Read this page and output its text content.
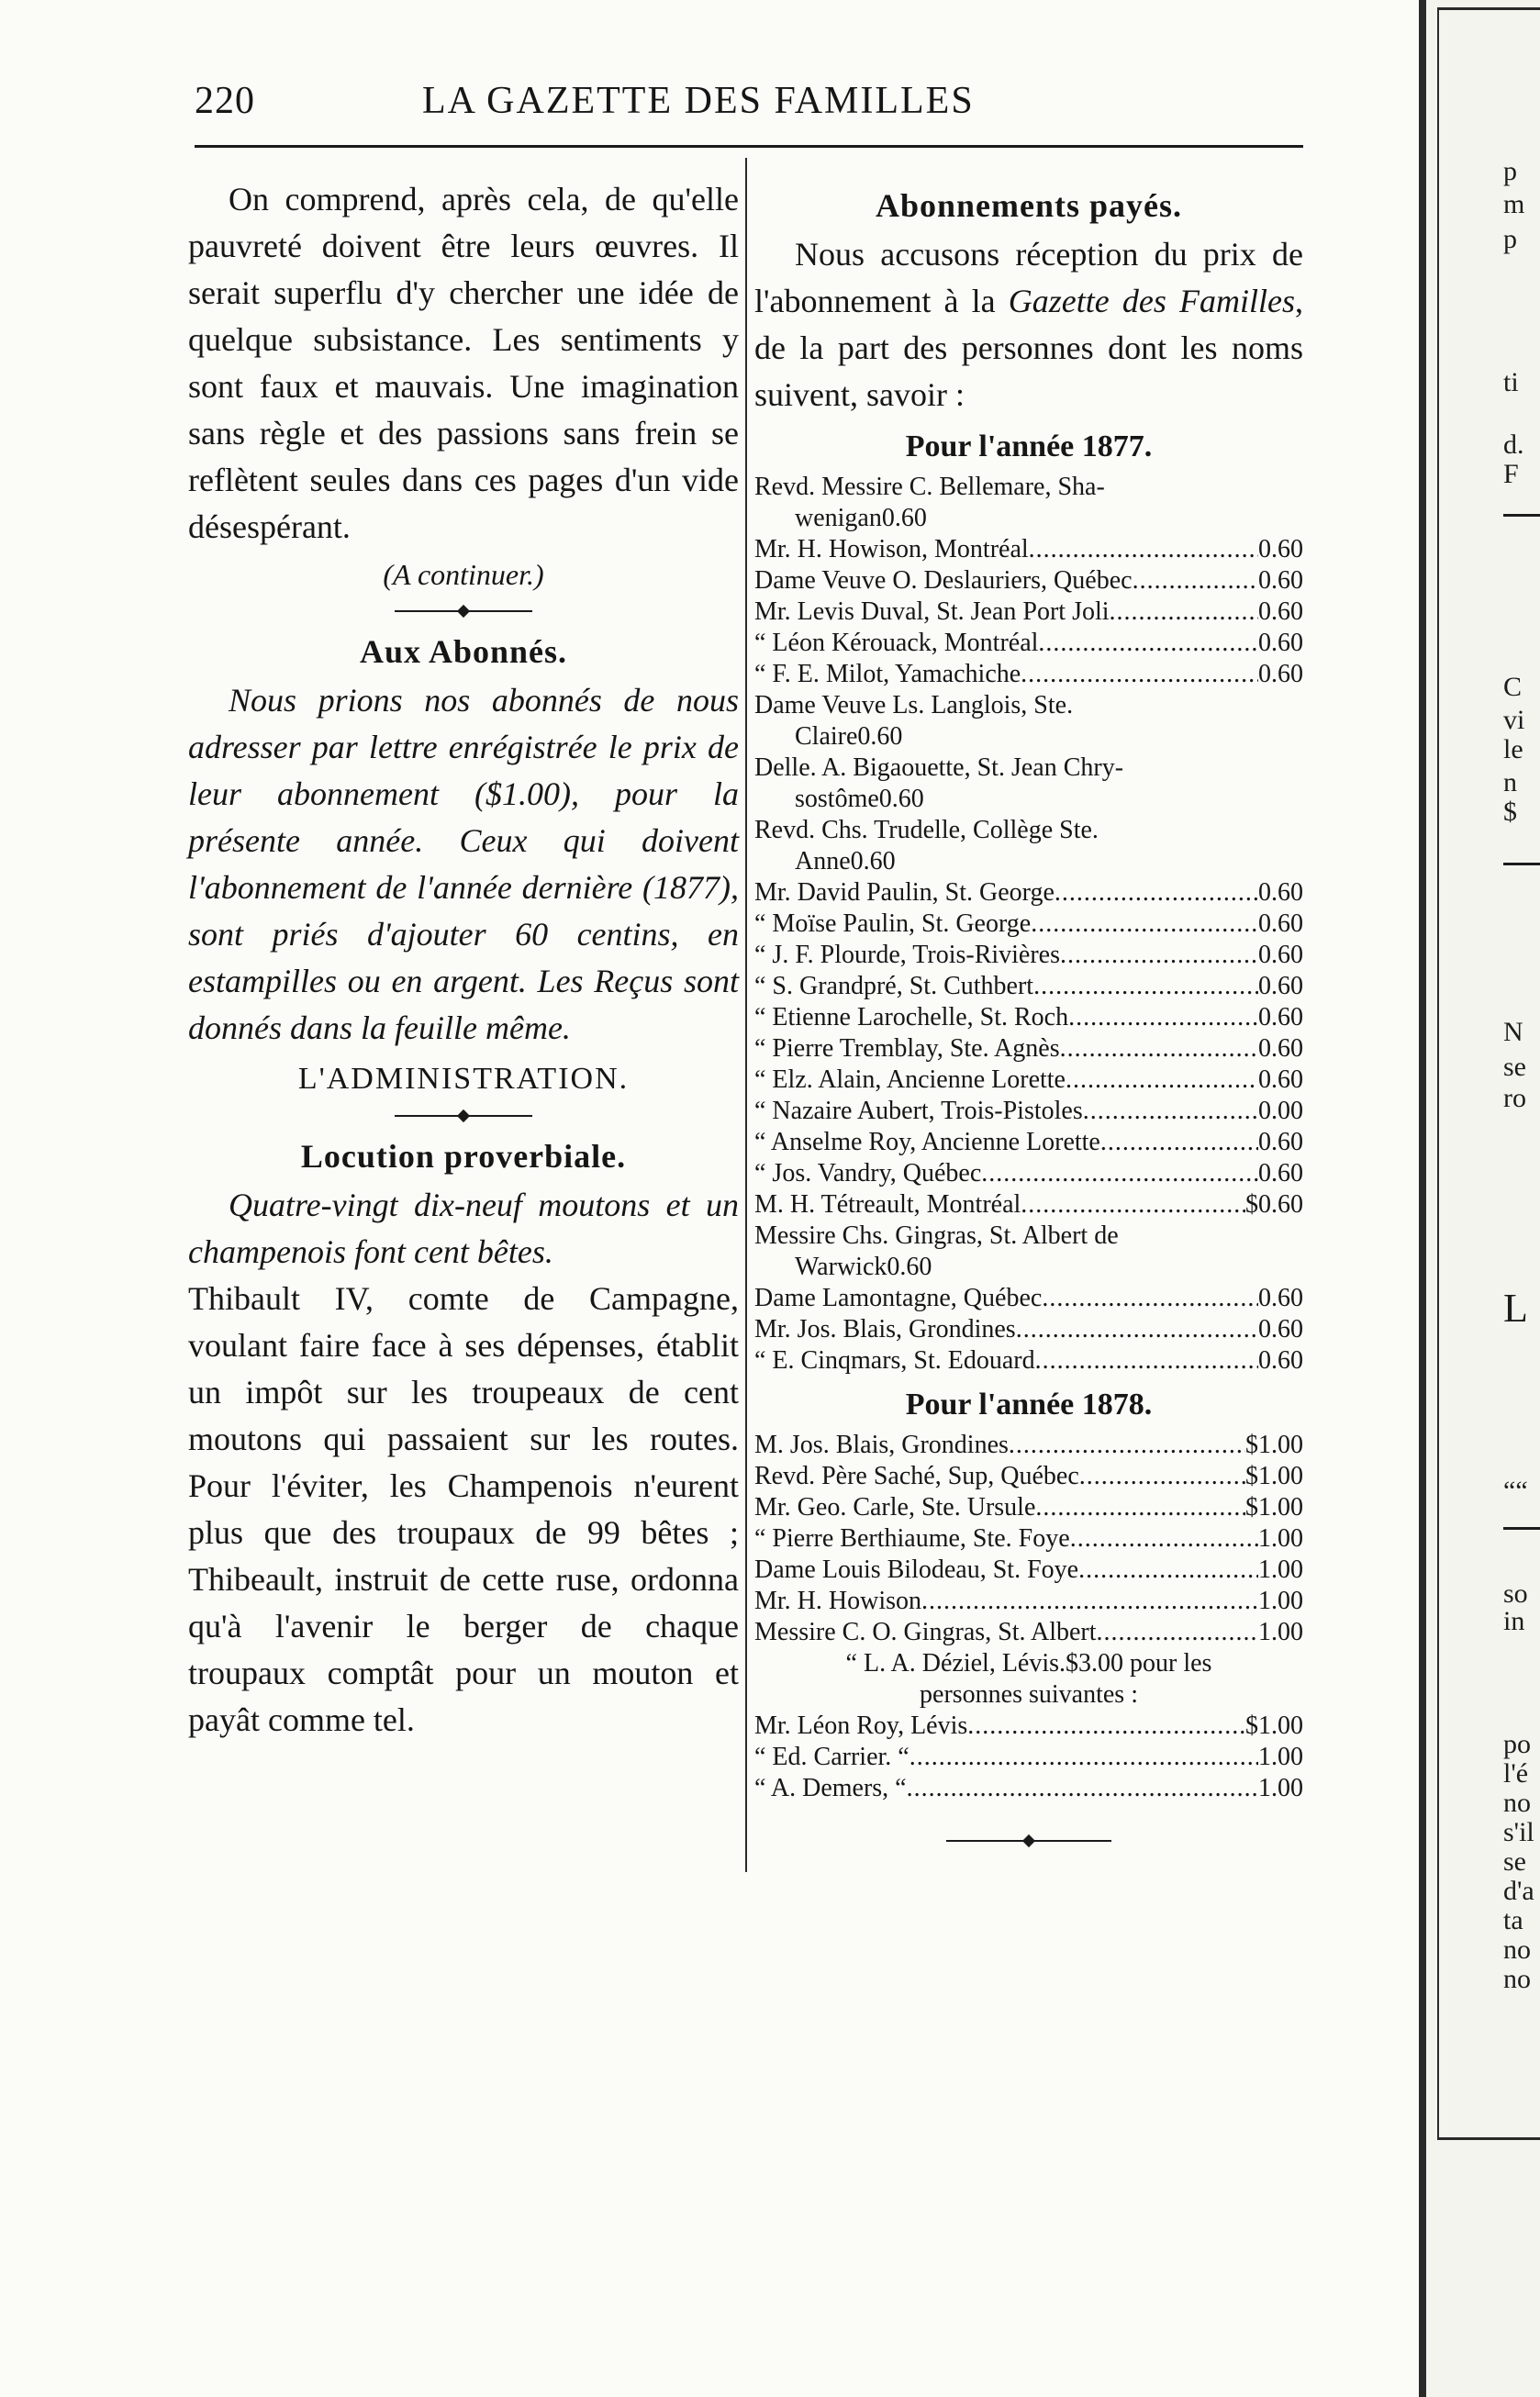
220	LA GAZETTE DES FAMILLES

On comprend, après cela, de qu'elle pauvreté doivent être leurs œuvres. Il serait superflu d'y chercher une idée de quelque subsistance. Les sentiments y sont faux et mauvais. Une imagination sans règle et des passions sans frein se reflètent seules dans ces pages d'un vide désespérant.

(A continuer.)

Aux Abonnés.

Nous prions nos abonnés de nous adresser par lettre enrégistrée le prix de leur abonnement ($1.00), pour la présente année. Ceux qui doivent l'abonnement de l'année dernière (1877), sont priés d'ajouter 60 centins, en estampilles ou en argent. Les Reçus sont donnés dans la feuille même.

L'ADMINISTRATION.

Locution proverbiale.

Quatre-vingt dix-neuf moutons et un champenois font cent bêtes.

Thibault IV, comte de Campagne, voulant faire face à ses dépenses, établit un impôt sur les troupeaux de cent moutons qui passaient sur les routes. Pour l'éviter, les Champenois n'eurent plus que des troupaux de 99 bêtes ; Thibeault, instruit de cette ruse, ordonna qu'à l'avenir le berger de chaque troupaux comptât pour un mouton et payât comme tel.

Abonnements payés.

Nous accusons réception du prix de l'abonnement à la Gazette des Familles, de la part des personnes dont les noms suivent, savoir :

Pour l'année 1877.

Revd. Messire C. Bellemare, Sha-
wenigan 0.60
Mr. H. Howison, Montréal .....	0.60
Dame Veuve O. Deslauriers, Québec .....	0.60
Mr. Levis Duval, St. Jean Port Joli .....	0.60
“ Léon Kérouack, Montréal .....	0.60
“ F. E. Milot, Yamachiche .....	0.60
Dame Veuve Ls. Langlois, Ste.
Claire 0.60
Delle. A. Bigaouette, St. Jean Chry-
sostôme 0.60
Revd. Chs. Trudelle, Collège Ste.
Anne 0.60
Mr. David Paulin, St. George .....	0.60
“ Moïse Paulin, St. George .....	0.60
“ J. F. Plourde, Trois-Rivières .....	0.60
“ S. Grandpré, St. Cuthbert .....	0.60
“ Etienne Larochelle, St. Roch .....	0.60
“ Pierre Tremblay, Ste. Agnès .....	0.60
“ Elz. Alain, Ancienne Lorette .....	0.60
“ Nazaire Aubert, Trois-Pistoles .....	0.00
“ Anselme Roy, Ancienne Lorette .....	0.60
“ Jos. Vandry, Québec .....	0.60
M. H. Tétreault, Montréal .....	$0.60
Messire Chs. Gingras, St. Albert de
Warwick 0.60
Dame Lamontagne, Québec .....	0.60
Mr. Jos. Blais, Grondines .....	0.60
“ E. Cinqmars, St. Edouard .....	0.60

Pour l'année 1878.

M. Jos. Blais, Grondines .....	$1.00
Revd. Père Saché, Sup, Québec .....	$1.00
Mr. Geo. Carle, Ste. Ursule .....	$1.00
“ Pierre Berthiaume, Ste. Foye .....	1.00
Dame Louis Bilodeau, St. Foye .....	1.00
Mr. H. Howison .....	1.00
Messire C. O. Gingras, St. Albert .....	1.00
“ L. A. Déziel, Lévis.$3.00 pour les
personnes suivantes :
Mr. Léon Roy, Lévis .....	$1.00
“ Ed. Carrier. “ .....	1.00
“ A. Demers, “ .....	1.00
p
m
p
ti
d.
F
C
vi
le
n
$
N
se
ro
L
““
so
in
po
l'é
no
s'il
se
d'a
ta
no
no
